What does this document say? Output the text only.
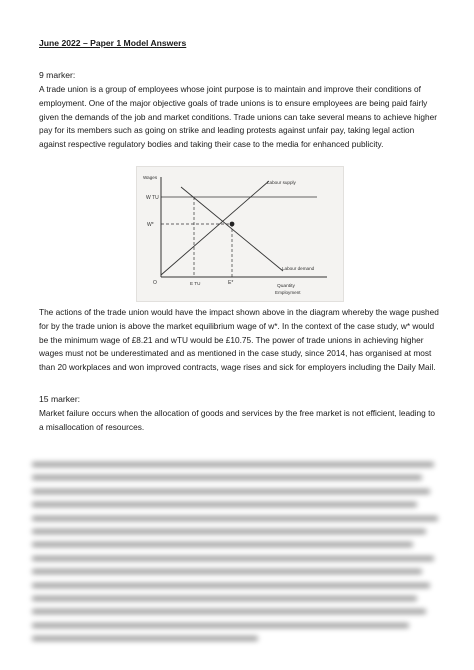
June 2022 – Paper 1 Model Answers
9 marker:

A trade union is a group of employees whose joint purpose is to maintain and improve their conditions of employment. One of the major objective goals of trade unions is to ensure employees are being paid fairly given the demands of the job and market conditions. Trade unions can take several means to achieve higher pay for its members such as going on strike and leading protests against unfair pay, taking legal action against respective regulatory bodies and taking their case to the media for enhanced publicity.

Wages
W TU
W*
O	E TU	E*
Labour supply
Labour demand
Quantity
Employment

The actions of the trade union would have the impact shown above in the diagram whereby the wage pushed for by the trade union is above the market equilibrium wage of w*. In the context of the case study, w* would be the minimum wage of £8.21 and wTU would be £10.75. The power of trade unions in achieving higher wages must not be underestimated and as mentioned in the case study, since 2014, has organised at most than 20 workplaces and won improved contracts, wage rises and sick for employers including the Daily Mail.

15 marker:

Market failure occurs when the allocation of goods and services by the free market is not efficient, leading to a misallocation of resources.
